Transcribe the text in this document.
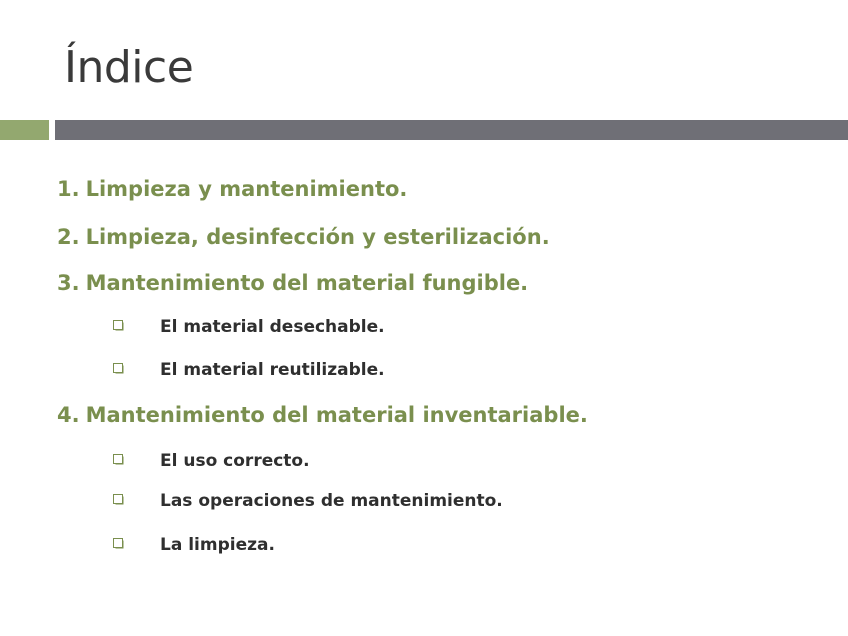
Índice

1. Limpieza y mantenimiento.

2. Limpieza, desinfección y esterilización.

3. Mantenimiento del material fungible.

El material desechable.

El material reutilizable.

4. Mantenimiento del material inventariable.

El uso correcto.

Las operaciones de mantenimiento.

La limpieza.
